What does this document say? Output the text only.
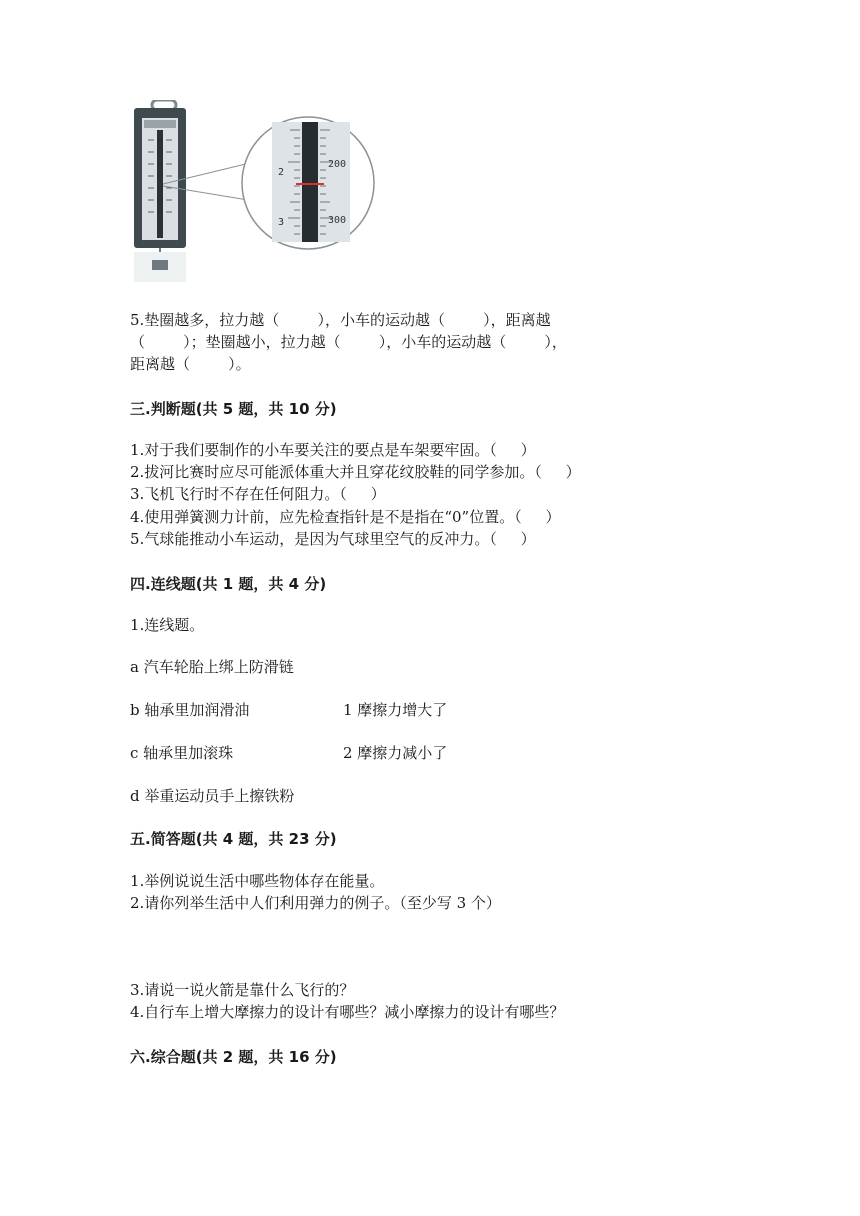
2
3
200
300
5.垫圈越多，拉力越（        ），小车的运动越（        ），距离越
（        ）；垫圈越小，拉力越（        ），小车的运动越（        ），
距离越（        ）。
三.判断题(共 5 题，共 10 分)
1.对于我们要制作的小车要关注的要点是车架要牢固。（     ）
2.拔河比赛时应尽可能派体重大并且穿花纹胶鞋的同学参加。（     ）
3.飞机飞行时不存在任何阻力。（     ）
4.使用弹簧测力计前，应先检查指针是不是指在“0”位置。（     ）
5.气球能推动小车运动，是因为气球里空气的反冲力。（     ）
四.连线题(共 1 题，共 4 分)
1.连线题。
a 汽车轮胎上绑上防滑链
b 轴承里加润滑油	1 摩擦力增大了
c 轴承里加滚珠	2 摩擦力减小了
d 举重运动员手上擦铁粉
五.简答题(共 4 题，共 23 分)
1.举例说说生活中哪些物体存在能量。
2.请你列举生活中人们利用弹力的例子。（至少写 3 个）
3.请说一说火箭是靠什么飞行的？
4.自行车上增大摩擦力的设计有哪些？减小摩擦力的设计有哪些？
六.综合题(共 2 题，共 16 分)
